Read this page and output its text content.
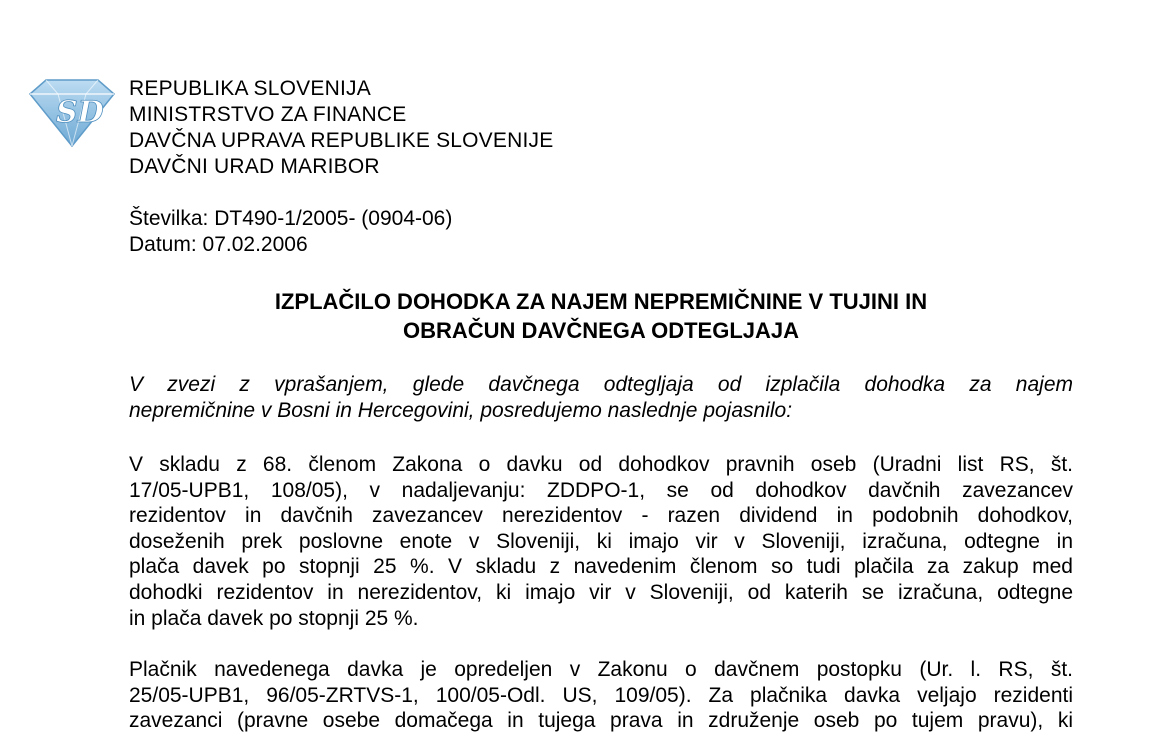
SD
REPUBLIKA SLOVENIJA
MINISTRSTVO ZA FINANCE
DAVČNA UPRAVA REPUBLIKE SLOVENIJE
DAVČNI URAD MARIBOR
Številka: DT490-1/2005- (0904-06)
Datum: 07.02.2006
IZPLAČILO DOHODKA ZA NAJEM NEPREMIČNINE V TUJINI IN
OBRAČUN DAVČNEGA ODTEGLJAJA
V zvezi z vprašanjem, glede davčnega odtegljaja od izplačila dohodka za najem
nepremičnine v Bosni in Hercegovini, posredujemo naslednje pojasnilo:
V skladu z 68. členom Zakona o davku od dohodkov pravnih oseb (Uradni list RS, št.
17/05-UPB1, 108/05), v nadaljevanju: ZDDPO-1, se od dohodkov davčnih zavezancev
rezidentov in davčnih zavezancev nerezidentov - razen dividend in podobnih dohodkov,
doseženih prek poslovne enote v Sloveniji, ki imajo vir v Sloveniji, izračuna, odtegne in
plača davek po stopnji 25 %. V skladu z navedenim členom so tudi plačila za zakup med
dohodki rezidentov in nerezidentov, ki imajo vir v Sloveniji, od katerih se izračuna, odtegne
in plača davek po stopnji 25 %.
Plačnik navedenega davka je opredeljen v Zakonu o davčnem postopku (Ur. l. RS, št.
25/05-UPB1, 96/05-ZRTVS-1, 100/05-Odl. US, 109/05). Za plačnika davka veljajo rezidenti
zavezanci (pravne osebe domačega in tujega prava in združenje oseb po tujem pravu), ki
